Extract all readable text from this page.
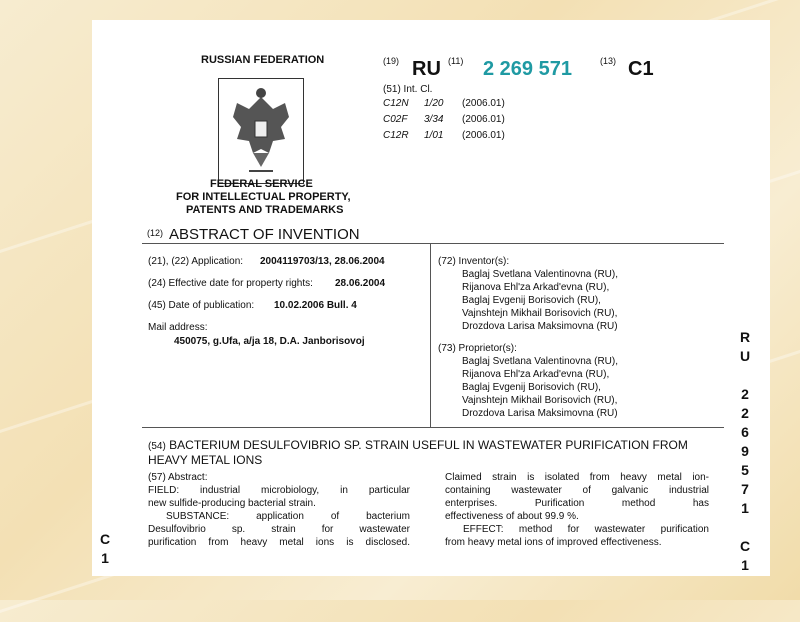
RUSSIAN FEDERATION
FEDERAL SERVICE
FOR INTELLECTUAL PROPERTY,
PATENTS AND TRADEMARKS
(19) RU (11) 2 269 571	(13) C1
(51) Int. Cl.
C12N 1/20 (2006.01)
C02F 3/34 (2006.01)
C12R 1/01 (2006.01)
(12) ABSTRACT OF INVENTION
(21), (22) Application: 2004119703/13, 28.06.2004
(24) Effective date for property rights: 28.06.2004
(45) Date of publication: 10.02.2006 Bull. 4
Mail address:
450075, g.Ufa, a/ja 18, D.A. Janborisovoj
(72) Inventor(s):
Baglaj Svetlana Valentinovna (RU),
Rijanova Ehl'za Arkad'evna (RU),
Baglaj Evgenij Borisovich (RU),
Vajnshtejn Mikhail Borisovich (RU),
Drozdova Larisa Maksimovna (RU)
(73) Proprietor(s):
Baglaj Svetlana Valentinovna (RU),
Rijanova Ehl'za Arkad'evna (RU),
Baglaj Evgenij Borisovich (RU),
Vajnshtejn Mikhail Borisovich (RU),
Drozdova Larisa Maksimovna (RU)
(54) BACTERIUM DESULFOVIBRIO SP. STRAIN USEFUL IN WASTEWATER PURIFICATION FROM
HEAVY METAL IONS
(57) Abstract:
FIELD: industrial microbiology, in particular
new sulfide-producing bacterial strain.
SUBSTANCE: application of bacterium
Desulfovibrio sp. strain for wastewater
purification from heavy metal ions is disclosed.
Claimed strain is isolated from heavy metal ion-
containing wastewater of galvanic industrial
enterprises. Purification method has
effectiveness of about 99.9 %.
EFFECT: method for wastewater purification
from heavy metal ions of improved effectiveness.
R
U

2
2
6
9
5
7
1

C
1
C
1
